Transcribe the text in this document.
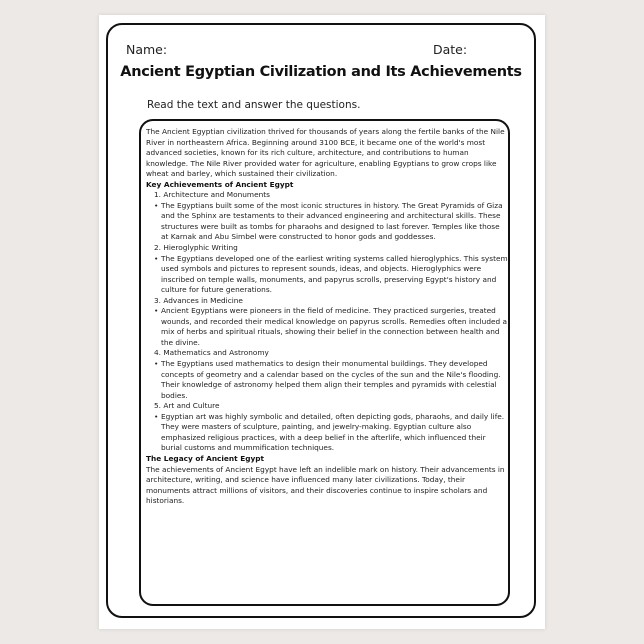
Name:	Date:
Ancient Egyptian Civilization and Its Achievements
Read the text and answer the questions.

The Ancient Egyptian civilization thrived for thousands of years along the fertile banks of the Nile River in northeastern Africa. Beginning around 3100 BCE, it became one of the world's most advanced societies, known for its rich culture, architecture, and contributions to human knowledge. The Nile River provided water for agriculture, enabling Egyptians to grow crops like wheat and barley, which sustained their civilization.

Key Achievements of Ancient Egypt

1. Architecture and Monuments

• The Egyptians built some of the most iconic structures in history. The Great Pyramids of Giza and the Sphinx are testaments to their advanced engineering and architectural skills. These structures were built as tombs for pharaohs and designed to last forever. Temples like those at Karnak and Abu Simbel were constructed to honor gods and goddesses.

2. Hieroglyphic Writing

• The Egyptians developed one of the earliest writing systems called hieroglyphics. This system used symbols and pictures to represent sounds, ideas, and objects. Hieroglyphics were inscribed on temple walls, monuments, and papyrus scrolls, preserving Egypt's history and culture for future generations.

3. Advances in Medicine

• Ancient Egyptians were pioneers in the field of medicine. They practiced surgeries, treated wounds, and recorded their medical knowledge on papyrus scrolls. Remedies often included a mix of herbs and spiritual rituals, showing their belief in the connection between health and the divine.

4. Mathematics and Astronomy

• The Egyptians used mathematics to design their monumental buildings. They developed concepts of geometry and a calendar based on the cycles of the sun and the Nile's flooding. Their knowledge of astronomy helped them align their temples and pyramids with celestial bodies.

5. Art and Culture

• Egyptian art was highly symbolic and detailed, often depicting gods, pharaohs, and daily life. They were masters of sculpture, painting, and jewelry-making. Egyptian culture also emphasized religious practices, with a deep belief in the afterlife, which influenced their burial customs and mummification techniques.

The Legacy of Ancient Egypt

The achievements of Ancient Egypt have left an indelible mark on history. Their advancements in architecture, writing, and science have influenced many later civilizations. Today, their monuments attract millions of visitors, and their discoveries continue to inspire scholars and historians.
